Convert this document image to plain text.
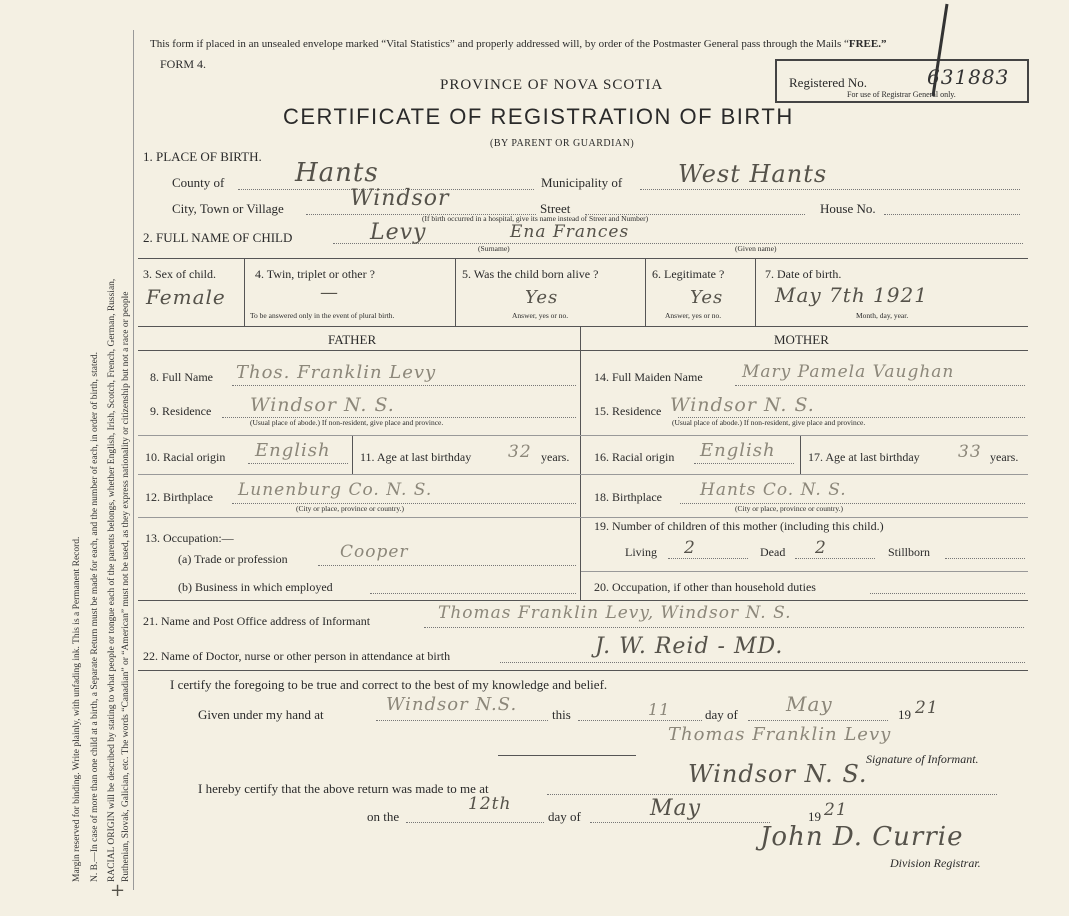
Margin reserved for binding. Write plainly, with unfading ink. This is a Permanent Record. N. B.—In case of more than one child at a birth, a Separate Return must be made for each, and the number of each, in order of birth, stated. RACIAL ORIGIN will be described by stating to what people or tongue each of the parents belongs, whether English, Irish, Scotch, French, German, Russian, Ruthenian, Slovak, Galician, etc. The words “Canadian” or “American” must not be used, as they express nationality or citizenship but not a race or people
+
This form if placed in an unsealed envelope marked “Vital Statistics” and properly addressed will, by order of the Postmaster General pass through the Mails “FREE.”
FORM 4.
Registered No.	631883
For use of Registrar General only.
PROVINCE OF NOVA SCOTIA
CERTIFICATE OF REGISTRATION OF BIRTH
(BY PARENT OR GUARDIAN)
1. PLACE OF BIRTH.
County of	Hants	Municipality of West Hants
City, Town or Village	Windsor	Street	House No.
(If birth occurred in a hospital, give its name instead of Street and Number)
2. FULL NAME OF CHILD	Levy	Ena Frances
(Surname)	(Given name)
3. Sex of child.
Female
4. Twin, triplet or other ?
—
To be answered only in the event of plural birth.
5. Was the child born alive ?
Yes
Answer, yes or no.
6. Legitimate ?
Yes
Answer, yes or no.
7. Date of birth.
May 7th 1921
Month, day, year.
FATHER	MOTHER
8. Full Name Thos. Franklin Levy
9. Residence Windsor N. S.
(Usual place of abode.) If non-resident, give place and province.
10. Racial origin English 11. Age at last birthday 32 years.
12. Birthplace Lunenburg Co. N. S.
(City or place, province or country.)
13. Occupation:—
(a) Trade or profession	Cooper
(b) Business in which employed
14. Full Maiden Name Mary Pamela Vaughan
15. Residence Windsor N. S.
(Usual place of abode.) If non-resident, give place and province.
16. Racial origin English	17. Age at last birthday 33 years.
18. Birthplace Hants Co. N. S.
(City or place, province or country.)
19. Number of children of this mother (including this child.)
Living 2	Dead 2	Stillborn
20. Occupation, if other than household duties
21. Name and Post Office address of Informant	Thomas Franklin Levy, Windsor N. S.
22. Name of Doctor, nurse or other person in attendance at birth	J. W. Reid - MD.
I certify the foregoing to be true and correct to the best of my knowledge and belief.
Given under my hand at	Windsor N.S.	this	11	day of May	19 21
Thomas Franklin Levy
Signature of Informant.
I hereby certify that the above return was made to me at
Windsor N. S.
on the
12th
day of	May	19 21
John D. Currie
Division Registrar.
